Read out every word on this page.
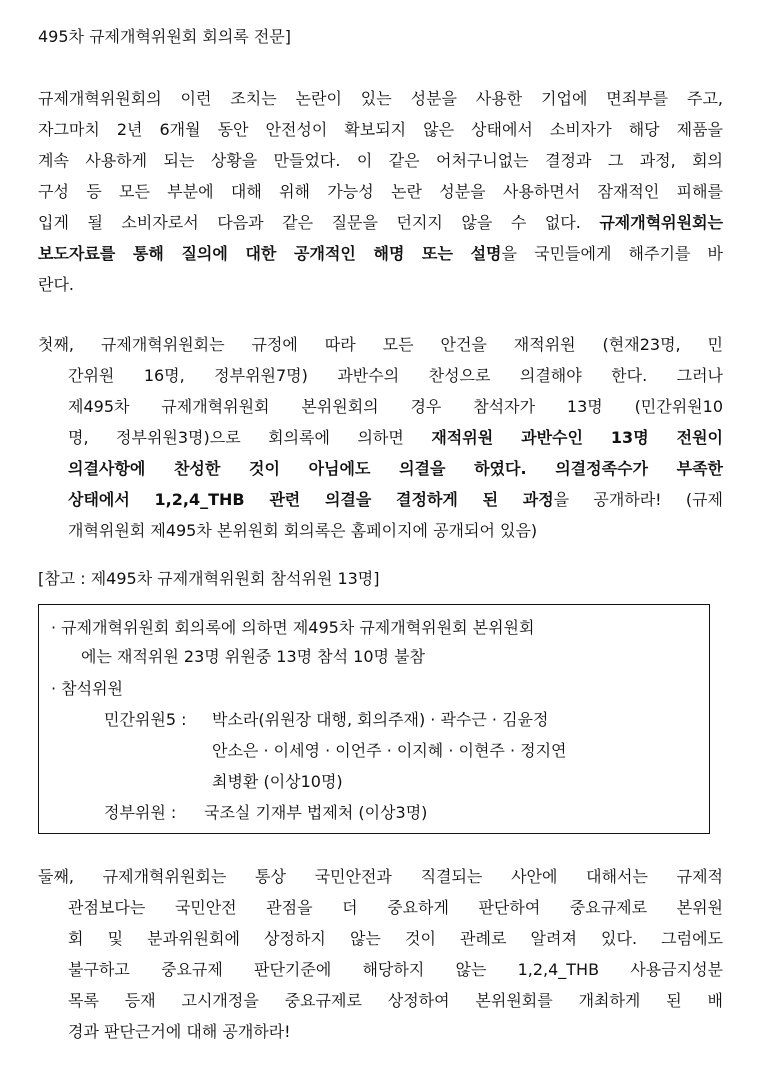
495차 규제개혁위원회 회의록 전문]
규제개혁위원회의 이런 조치는 논란이 있는 성분을 사용한 기업에 면죄부를 주고,
자그마치 2년 6개월 동안 안전성이 확보되지 않은 상태에서 소비자가 해당 제품을
계속 사용하게 되는 상황을 만들었다. 이 같은 어처구니없는 결정과 그 과정, 회의
구성 등 모든 부분에 대해 위해 가능성 논란 성분을 사용하면서 잠재적인 피해를
입게 될 소비자로서 다음과 같은 질문을 던지지 않을 수 없다. 규제개혁위원회는
보도자료를 통해 질의에 대한 공개적인 해명 또는 설명을 국민들에게 해주기를 바
란다.
첫째, 규제개혁위원회는 규정에 따라 모든 안건을 재적위원 (현재23명, 민
간위원 16명, 정부위원7명) 과반수의 찬성으로 의결해야 한다. 그러나
제495차 규제개혁위원회 본위원회의 경우 참석자가 13명 (민간위원10
명, 정부위원3명)으로 회의록에 의하면 재적위원 과반수인 13명 전원이
의결사항에 찬성한 것이 아님에도 의결을 하였다. 의결정족수가 부족한
상태에서 1,2,4_THB 관련 의결을 결정하게 된 과정을 공개하라! (규제
개혁위원회 제495차 본위원회 회의록은 홈페이지에 공개되어 있음)
[참고 : 제495차 규제개혁위원회 참석위원 13명]
· 규제개혁위원회 회의록에 의하면 제495차 규제개혁위원회 본위원회
에는 재적위원 23명 위원중 13명 참석 10명 불참
· 참석위원
민간위원5 : 박소라(위원장 대행, 회의주재) · 곽수근 · 김윤정
안소은 · 이세영 · 이언주 · 이지혜 · 이현주 · 정지연
최병환 (이상10명)
정부위원 : 국조실 기재부 법제처 (이상3명)
둘째, 규제개혁위원회는 통상 국민안전과 직결되는 사안에 대해서는 규제적
관점보다는 국민안전 관점을 더 중요하게 판단하여 중요규제로 본위원
회 및 분과위원회에 상정하지 않는 것이 관례로 알려져 있다. 그럼에도
불구하고 중요규제 판단기준에 해당하지 않는 1,2,4_THB 사용금지성분
목록 등재 고시개정을 중요규제로 상정하여 본위원회를 개최하게 된 배
경과 판단근거에 대해 공개하라!
